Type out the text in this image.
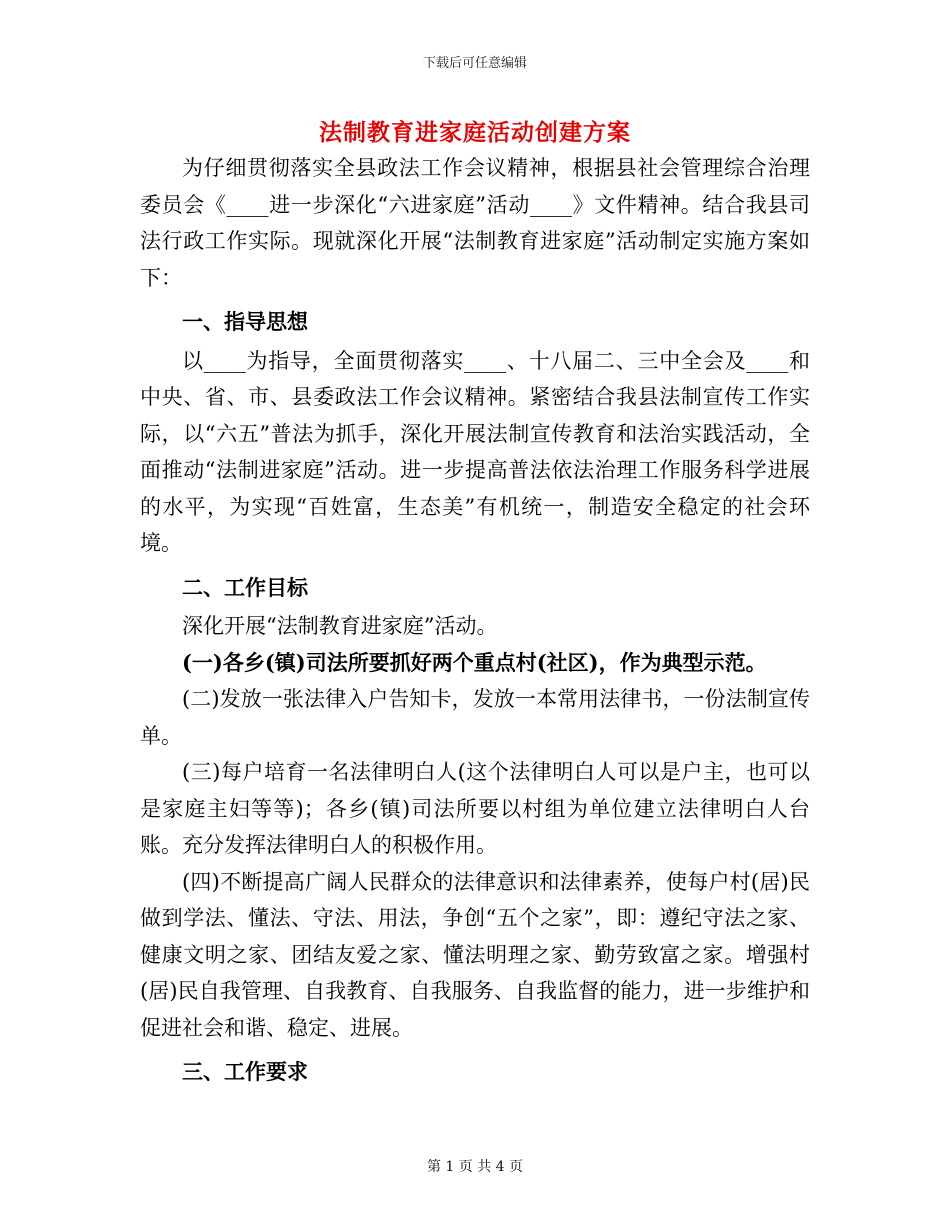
下载后可任意编辑
法制教育进家庭活动创建方案

为仔细贯彻落实全县政法工作会议精神，根据县社会管理综合治理委员会《____进一步深化“六进家庭”活动____》文件精神。结合我县司法行政工作实际。现就深化开展“法制教育进家庭”活动制定实施方案如下：

一、指导思想

以____为指导，全面贯彻落实____、十八届二、三中全会及____和中央、省、市、县委政法工作会议精神。紧密结合我县法制宣传工作实际，以“六五”普法为抓手，深化开展法制宣传教育和法治实践活动，全面推动“法制进家庭”活动。进一步提高普法依法治理工作服务科学进展的水平，为实现“百姓富，生态美”有机统一，制造安全稳定的社会环境。

二、工作目标

深化开展“法制教育进家庭”活动。

(一)各乡(镇)司法所要抓好两个重点村(社区)，作为典型示范。

(二)发放一张法律入户告知卡，发放一本常用法律书，一份法制宣传单。

(三)每户培育一名法律明白人(这个法律明白人可以是户主，也可以是家庭主妇等等)；各乡(镇)司法所要以村组为单位建立法律明白人台账。充分发挥法律明白人的积极作用。

(四)不断提高广阔人民群众的法律意识和法律素养，使每户村(居)民做到学法、懂法、守法、用法，争创“五个之家”，即：遵纪守法之家、健康文明之家、团结友爱之家、懂法明理之家、勤劳致富之家。增强村(居)民自我管理、自我教育、自我服务、自我监督的能力，进一步维护和促进社会和谐、稳定、进展。

三、工作要求

第 1 页 共 4 页
